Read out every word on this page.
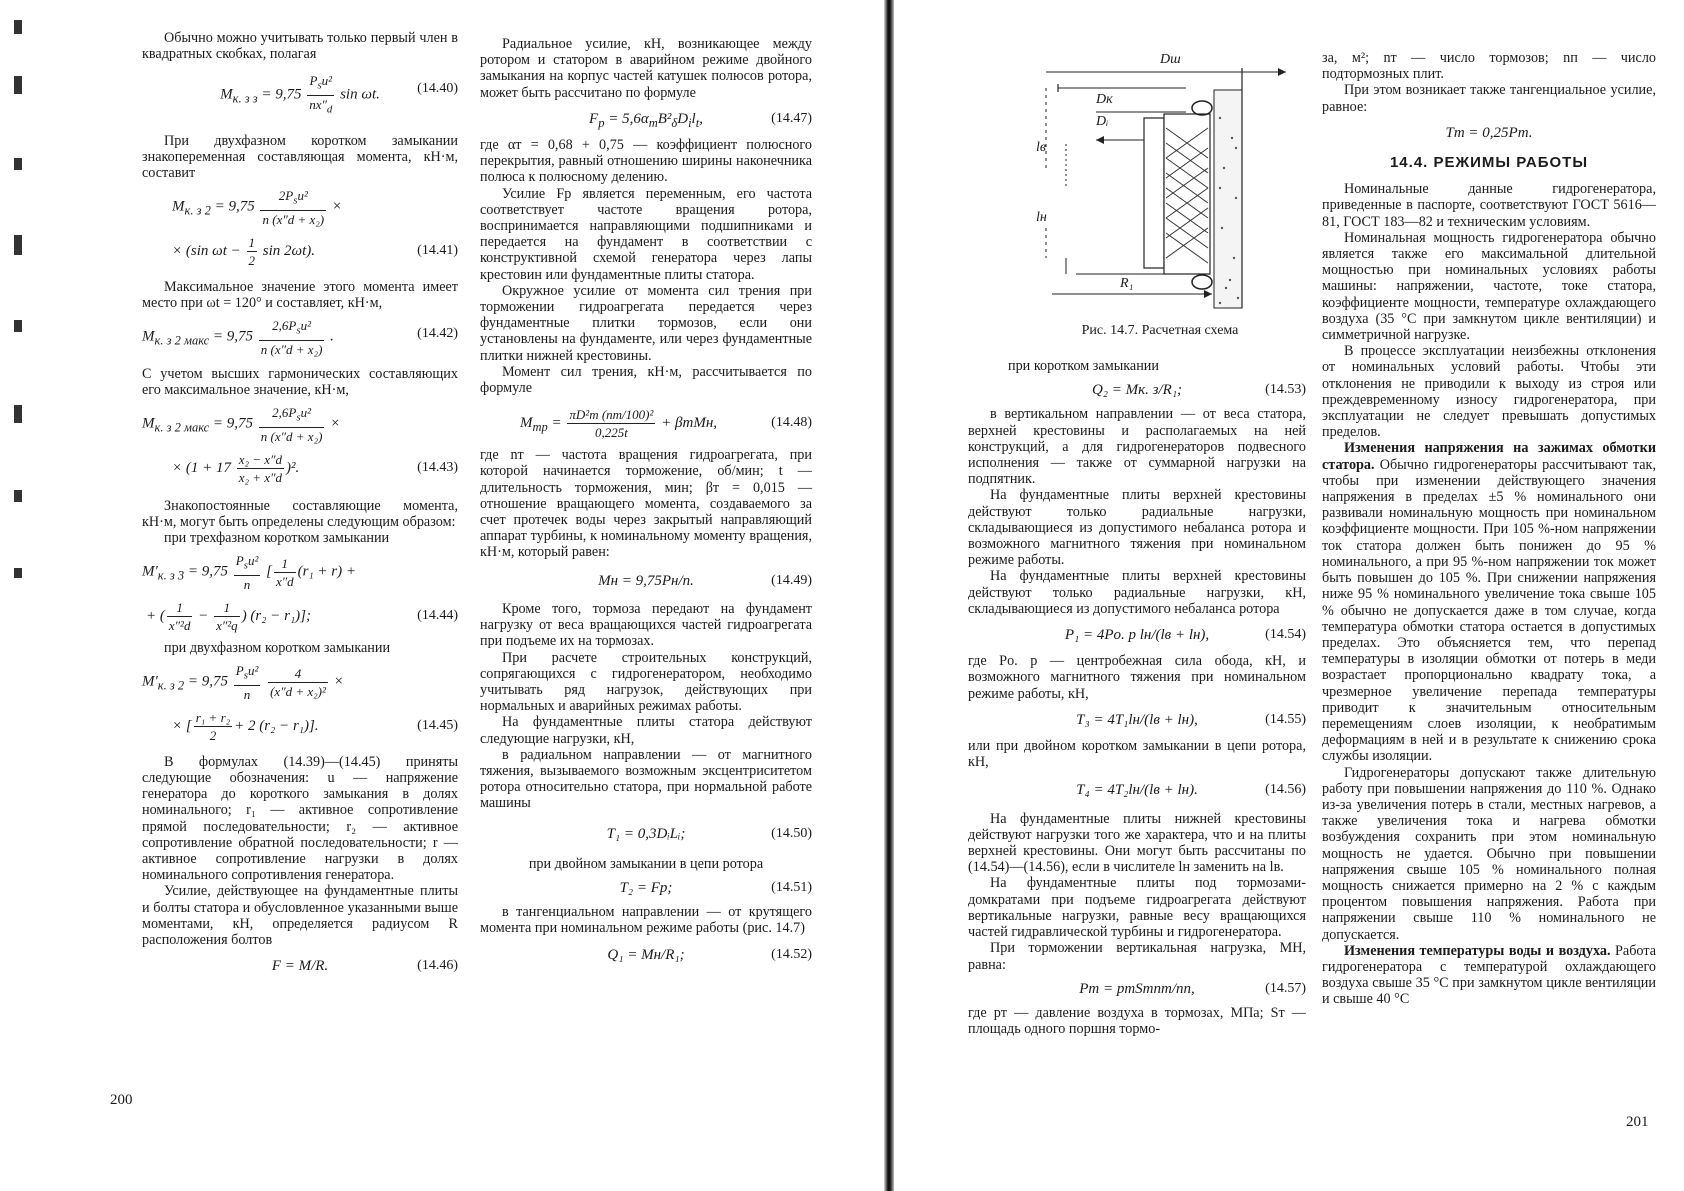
Обычно можно учитывать только первый член в квадратных скобках, полагая

$M_{к. з з} = 9,75 \frac{P_su^2}{nx''_d}$ sin ωt.	(14.40)

При двухфазном коротком замыкании знакопеременная составляющая момента, кН·м, составит

$M_{к. з 2} = 9,75 \frac{2P_su^2}{\text{n (x″d + x₂)}}$ ×
× (sin $\omega t - \frac{1}{2}$ sin 2ωt).	(14.41)

Максимальное значение этого момента имеет место при ωt = 120° и составляет, кН·м,

$M_{к. з 2 макс} = 9,75 \frac{2,6P_su^2}{\text{n (x″d + x₂)}}$ .	(14.42)

С учетом высших гармонических составляющих его максимальное значение, кН·м,

$M_{к. з 2 макс} = 9,75 \frac{2,6P_su^2}{\text{n (x″d + x₂)}}$ ×
× $(1 + 17 \frac{\text{x₂ − x″d}}{\text{x₂ + x″d}} )^2$.	(14.43)

Знакопостоянные составляющие момента, кН·м, могут быть определены следующим образом:

при трехфазном коротком замыкании

$M'_{к. з 3} = 9,75 \frac{P_su^2}{n}$ [ $\frac{1}{x''d} (r_1 + r)$ +
+ ( $\frac{1}{\text{x″²d}} - \frac{1}{\text{x″²q}}$ ) (r₂ − r₁)];	(14.44)

при двухфазном коротком замыкании

$M'_{к. з 2} = 9,75 \frac{P_su^2}{n}$
$\frac{4}{\text{(x″d + x₂)²}}$ ×
× [ $\frac{\text{r₁ + r₂}}{2} + 2$ (r₂ − r₁)].	(14.45)

В формулах (14.39)—(14.45) приняты следующие обозначения: u — напряжение генератора до короткого замыкания в долях номинального; r₁ — активное сопротивление прямой последовательности; r₂ — активное сопротивление обратной последовательности; r — активное сопротивление нагрузки в долях номинального сопротивления генератора.

Усилие, действующее на фундаментные плиты и болты статора и обусловленное указанными выше моментами, кН, определяется радиусом R расположения болтов

F = M/R.	(14.46)

Радиальное усилие, кН, возникающее между ротором и статором в аварийном режиме двойного замыкания на корпус частей катушек полюсов ротора, может быть рассчитано по формуле

$F_р = 5,6\alpha_тB^2_\delta D_il_t$,	(14.47)

где αт = 0,68 + 0,75 — коэффициент полюсного перекрытия, равный отношению ширины наконечника полюса к полюсному делению.

Усилие Fр является переменным, его частота соответствует частоте вращения ротора, воспринимается направляющими подшипниками и передается на фундамент в соответствии с конструктивной схемой генератора через лапы крестовин или фундаментные плиты статора.

Окружное усилие от момента сил трения при торможении гидроагрегата передается через фундаментные плитки тормозов, если они установлены на фундаменте, или через фундаментные плитки нижней крестовины.

Момент сил трения, кН·м, рассчитывается по формуле

$M_{тр} = \frac{\text{πD²т (nт/100)²}}{0,225t} + \beta тMн$,	(14.48)

где nт — частота вращения гидроагрегата, при которой начинается торможение, об/мин; t — длительность торможения, мин; βт = 0,015 — отношение вращающего момента, создаваемого за счет протечек воды через закрытый направляющий аппарат турбины, к номинальному моменту вращения, кН·м, который равен:

Mн = 9,75Pн/n.	(14.49)

Кроме того, тормоза передают на фундамент нагрузку от веса вращающихся частей гидроагрегата при подъеме их на тормозах.

При расчете строительных конструкций, сопрягающихся с гидрогенератором, необходимо учитывать ряд нагрузок, действующих при нормальных и аварийных режимах работы.

На фундаментные плиты статора действуют следующие нагрузки, кН,

в радиальном направлении — от магнитного тяжения, вызываемого возможным эксцентриситетом ротора относительно статора, при нормальной работе машины

T₁ = 0,3DᵢLᵢ;	(14.50)

при двойном замыкании в цепи ротора

T₂ = Fр;	(14.51)

в тангенциальном направлении — от крутящего момента при номинальном режиме работы (рис. 14.7)

Q₁ = Mн/R₁;	(14.52)
200
Dш
Dк
Dᵢ
lв
lн
R₁
Рис. 14.7. Расчетная схема

при коротком замыкании

Q₂ = Mк. з/R₁;	(14.53)

в вертикальном направлении — от веса статора, верхней крестовины и располагаемых на ней конструкций, а для гидрогенераторов подвесного исполнения — также от суммарной нагрузки на подпятник.

На фундаментные плиты верхней крестовины действуют только радиальные нагрузки, складывающиеся из допустимого небаланса ротора и возможного магнитного тяжения при номинальном режиме работы.

На фундаментные плиты верхней крестовины действуют только радиальные нагрузки, кН, складывающиеся из допустимого небаланса ротора

P₁ = 4Pо. р lн/(lв + lн),	(14.54)

где Pо. р — центробежная сила обода, кН, и возможного магнитного тяжения при номинальном режиме работы, кН,

T₃ = 4T₁lн/(lв + lн),	(14.55)

или при двойном коротком замыкании в цепи ротора, кН,

T₄ = 4T₂lн/(lв + lн).	(14.56)

На фундаментные плиты нижней крестовины действуют нагрузки того же характера, что и на плиты верхней крестовины. Они могут быть рассчитаны по (14.54)—(14.56), если в числителе lн заменить на lв.

На фундаментные плиты под тормозами-домкратами при подъеме гидроагрегата действуют вертикальные нагрузки, равные весу вращающихся частей гидравлической турбины и гидрогенератора.

При торможении вертикальная нагрузка, МН, равна:

Pт = pтSтnт/nп,	(14.57)

где pт — давление воздуха в тормозах, МПа; Sт — площадь одного поршня тормо-

за, м²; nт — число тормозов; nп — число подтормозных плит.

При этом возникает также тангенциальное усилие, равное:

Tт = 0,25Pт.
14.4. РЕЖИМЫ РАБОТЫ

Номинальные данные гидрогенератора, приведенные в паспорте, соответствуют ГОСТ 5616—81, ГОСТ 183—82 и техническим условиям.

Номинальная мощность гидрогенератора обычно является также его максимальной длительной мощностью при номинальных условиях работы машины: напряжении, частоте, токе статора, коэффициенте мощности, температуре охлаждающего воздуха (35 °С при замкнутом цикле вентиляции) и симметричной нагрузке.

В процессе эксплуатации неизбежны отклонения от номинальных условий работы. Чтобы эти отклонения не приводили к выходу из строя или преждевременному износу гидрогенератора, при эксплуатации не следует превышать допустимых пределов.

Изменения напряжения на зажимах обмотки статора. Обычно гидрогенераторы рассчитывают так, чтобы при изменении действующего значения напряжения в пределах ±5 % номинального они развивали номинальную мощность при номинальном коэффициенте мощности. При 105 %-ном напряжении ток статора должен быть понижен до 95 % номинального, а при 95 %-ном напряжении ток может быть повышен до 105 %. При снижении напряжения ниже 95 % номинального увеличение тока свыше 105 % обычно не допускается даже в том случае, когда температура обмотки статора остается в допустимых пределах. Это объясняется тем, что перепад температуры в изоляции обмотки от потерь в меди возрастает пропорционально квадрату тока, а чрезмерное увеличение перепада температуры приводит к значительным относительным перемещениям слоев изоляции, к необратимым деформациям в ней и в результате к снижению срока службы изоляции.

Гидрогенераторы допускают также длительную работу при повышении напряжения до 110 %. Однако из-за увеличения потерь в стали, местных нагревов, а также увеличения тока и нагрева обмотки возбуждения сохранить при этом номинальную мощность не удается. Обычно при повышении напряжения свыше 105 % номинального полная мощность снижается примерно на 2 % с каждым процентом повышения напряжения. Работа при напряжении свыше 110 % номинального не допускается.

Изменения температуры воды и воздуха. Работа гидрогенератора с температурой охлаждающего воздуха свыше 35 °С при замкнутом цикле вентиляции и свыше 40 °С

201
